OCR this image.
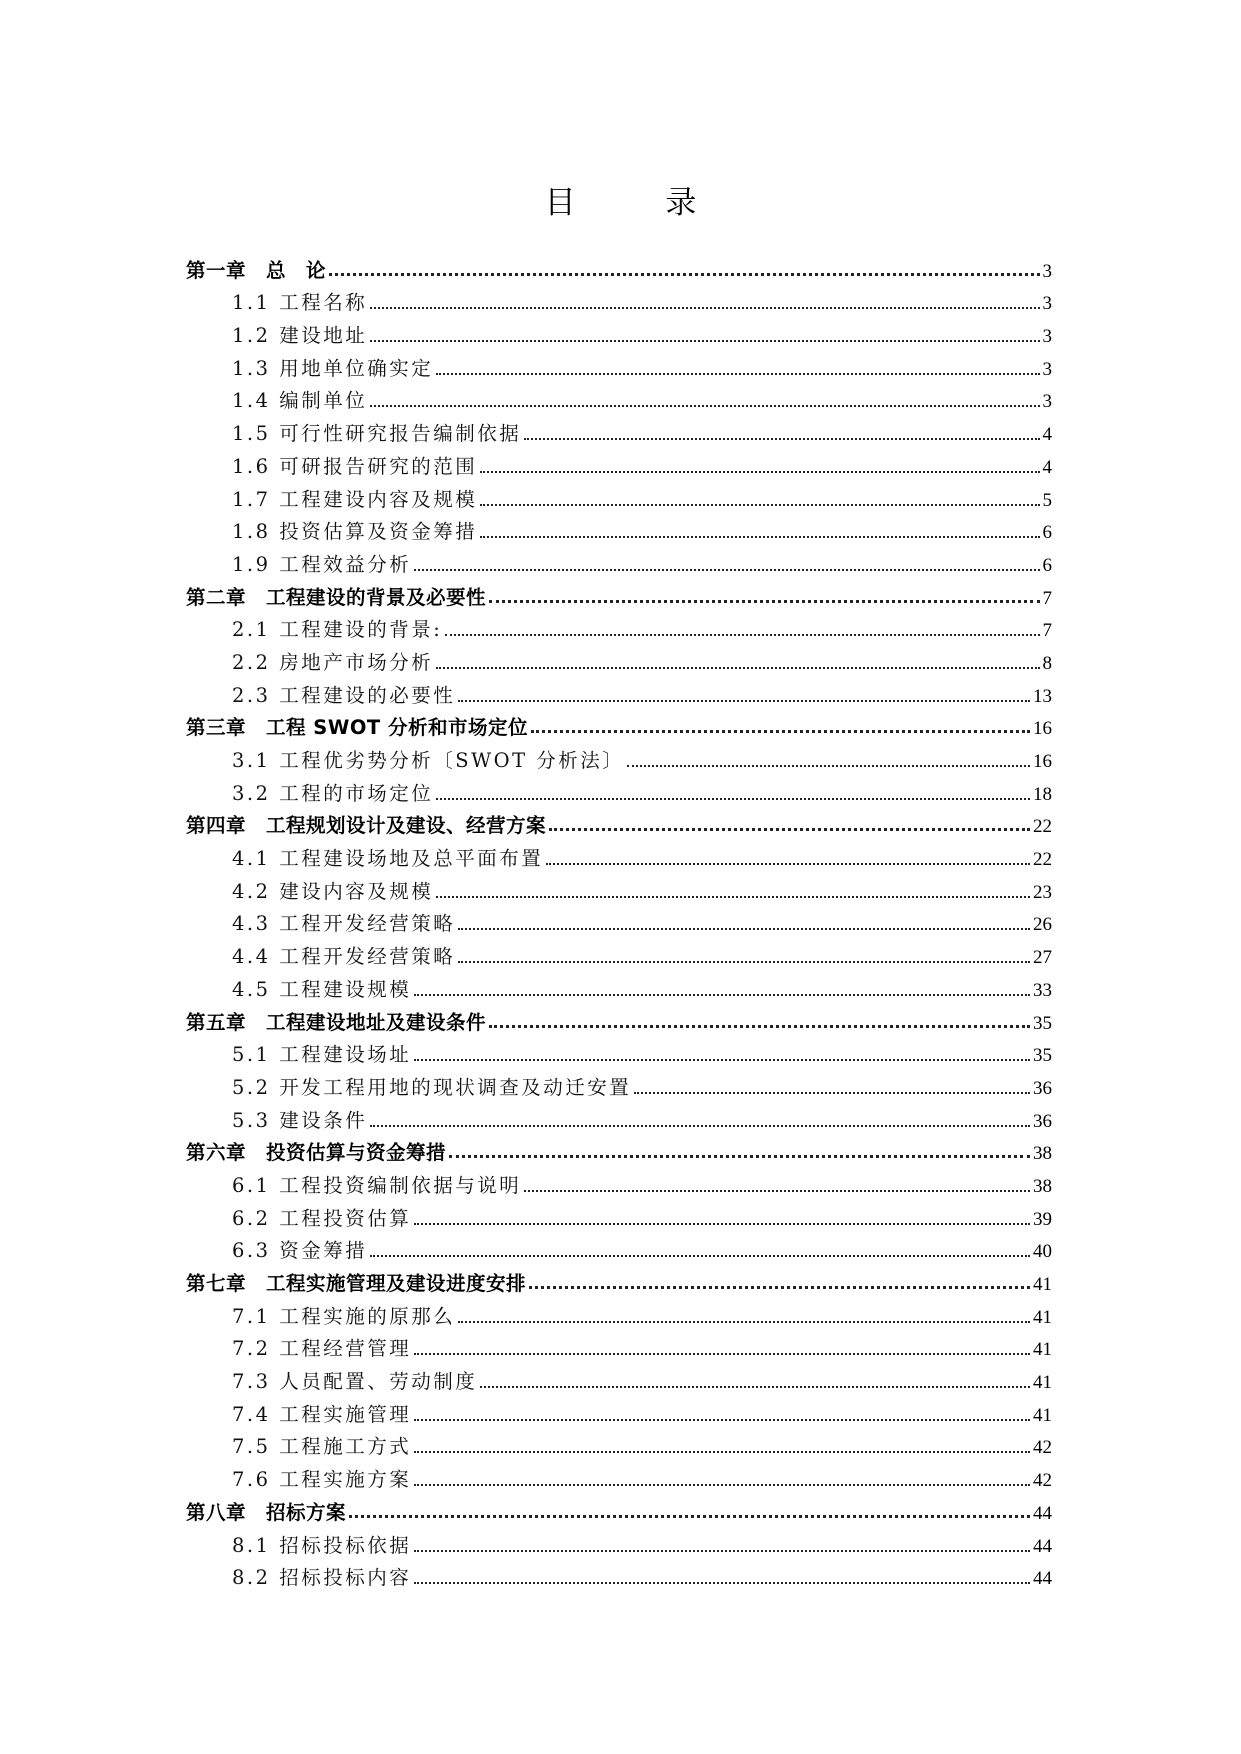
目 录
第一章　总　论	3
1.1 工程名称	3
1.2 建设地址	3
1.3 用地单位确实定	3
1.4 编制单位	3
1.5 可行性研究报告编制依据	4
1.6 可研报告研究的范围	4
1.7 工程建设内容及规模	5
1.8 投资估算及资金筹措	6
1.9 工程效益分析	6
第二章　工程建设的背景及必要性	7
2.1 工程建设的背景:	7
2.2 房地产市场分析	8
2.3 工程建设的必要性	13
第三章　工程 SWOT 分析和市场定位	16
3.1 工程优劣势分析〔SWOT 分析法〕	16
3.2 工程的市场定位	18
第四章　工程规划设计及建设、经营方案	22
4.1 工程建设场地及总平面布置	22
4.2 建设内容及规模	23
4.3 工程开发经营策略	26
4.4 工程开发经营策略	27
4.5 工程建设规模	33
第五章　工程建设地址及建设条件	35
5.1 工程建设场址	35
5.2 开发工程用地的现状调查及动迁安置	36
5.3 建设条件	36
第六章　投资估算与资金筹措	38
6.1 工程投资编制依据与说明	38
6.2 工程投资估算	39
6.3 资金筹措	40
第七章　工程实施管理及建设进度安排	41
7.1 工程实施的原那么	41
7.2 工程经营管理	41
7.3 人员配置、劳动制度	41
7.4 工程实施管理	41
7.5 工程施工方式	42
7.6 工程实施方案	42
第八章　招标方案	44
8.1 招标投标依据	44
8.2 招标投标内容	44
